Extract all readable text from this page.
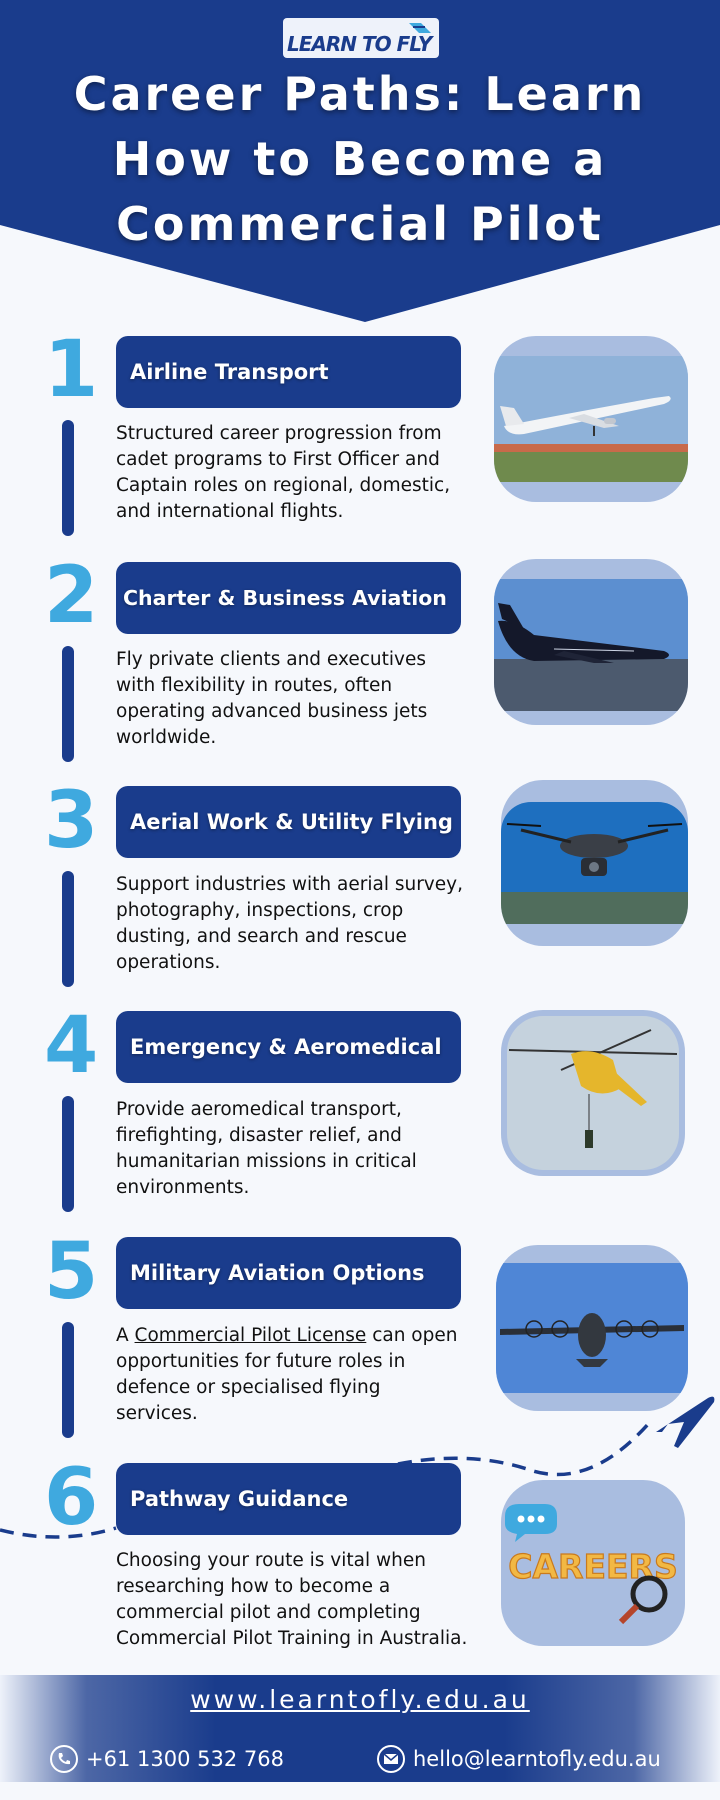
LEARN TO FLY
Career Paths: Learn How to Become a Commercial Pilot
1	Airline Transport
Structured career progression from cadet programs to First Officer and Captain roles on regional, domestic, and international flights.
2	Charter & Business Aviation
Fly private clients and executives with flexibility in routes, often operating advanced business jets worldwide.
3	Aerial Work & Utility Flying
Support industries with aerial survey, photography, inspections, crop dusting, and search and rescue operations.
4	Emergency & Aeromedical
Provide aeromedical transport, firefighting, disaster relief, and humanitarian missions in critical environments.
5	Military Aviation Options
A Commercial Pilot License can open opportunities for future roles in defence or specialised flying services.
6	Pathway Guidance
Choosing your route is vital when researching how to become a commercial pilot and completing Commercial Pilot Training in Australia.
CAREERS
www.learntofly.edu.au
+61 1300 532 768	hello@learntofly.edu.au
